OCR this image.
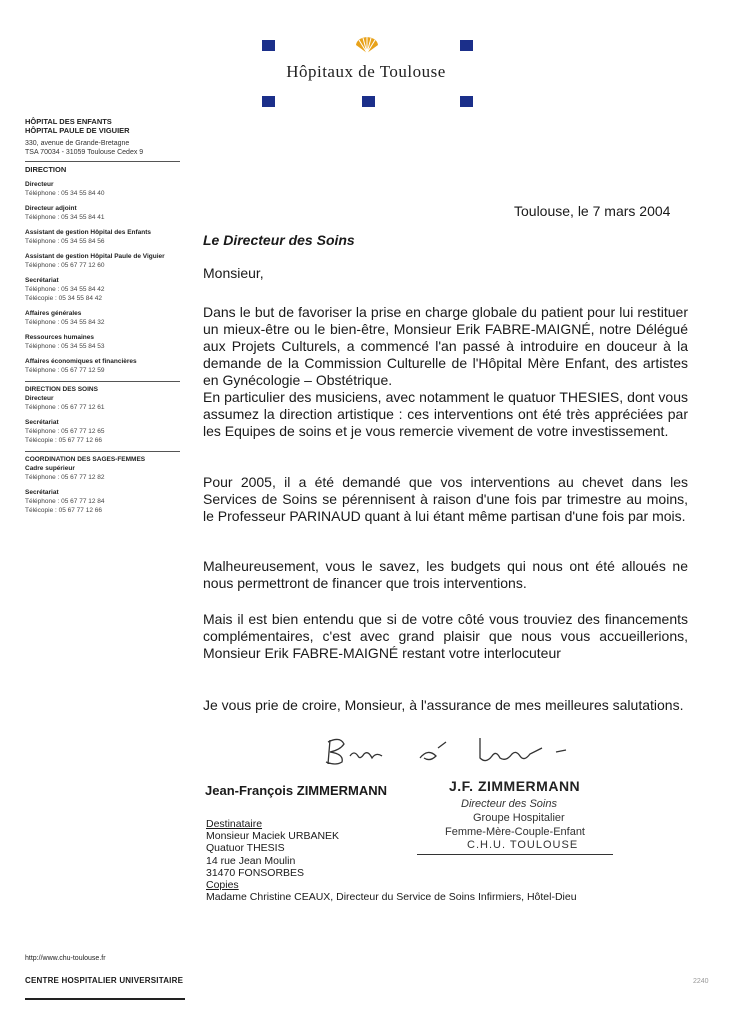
Hôpitaux de Toulouse
HÔPITAL DES ENFANTS
HÔPITAL PAULE DE VIGUIER
330, avenue de Grande-Bretagne
TSA 70034 - 31059 Toulouse Cedex 9
DIRECTION
Directeur
Téléphone : 05 34 55 84 40
Directeur adjoint
Téléphone : 05 34 55 84 41
Assistant de gestion Hôpital des Enfants
Téléphone : 05 34 55 84 56
Assistant de gestion Hôpital Paule de Viguier
Téléphone : 05 67 77 12 60
Secrétariat
Téléphone : 05 34 55 84 42
Télécopie : 05 34 55 84 42
Affaires générales
Téléphone : 05 34 55 84 32
Ressources humaines
Téléphone : 05 34 55 84 53
Affaires économiques et financières
Téléphone : 05 67 77 12 59
DIRECTION DES SOINS
Directeur
Téléphone : 05 67 77 12 61
Secrétariat
Téléphone : 05 67 77 12 65
Télécopie : 05 67 77 12 66
COORDINATION DES SAGES-FEMMES
Cadre supérieur
Téléphone : 05 67 77 12 82
Secrétariat
Téléphone : 05 67 77 12 84
Télécopie : 05 67 77 12 66
http://www.chu-toulouse.fr
CENTRE HOSPITALIER UNIVERSITAIRE	2240
Toulouse, le 7 mars 2004
Le Directeur des Soins
Monsieur,
Dans le but de favoriser la prise en charge globale du patient pour lui restituer un mieux-être ou le bien-être, Monsieur Erik FABRE-MAIGNÉ, notre Délégué aux Projets Culturels, a commencé l'an passé à introduire en douceur à la demande de la Commission Culturelle de l'Hôpital Mère Enfant, des artistes en Gynécologie – Obstétrique.
En particulier des musiciens, avec notamment le quatuor THESIES, dont vous assumez la direction artistique : ces interventions ont été très appréciées par les Equipes de soins et je vous remercie vivement de votre investissement.
Pour 2005, il a été demandé que vos interventions au chevet dans les Services de Soins se pérennisent à raison d'une fois par trimestre au moins, le Professeur PARINAUD quant à lui étant même partisan d'une fois par mois.
Malheureusement, vous le savez, les budgets qui nous ont été alloués ne nous permettront de financer que trois interventions.
Mais il est bien entendu que si de votre côté vous trouviez des financements complémentaires, c'est avec grand plaisir que nous vous accueillerions, Monsieur Erik FABRE-MAIGNÉ restant votre interlocuteur
Je vous prie de croire, Monsieur, à l'assurance de mes meilleures salutations.
Jean-François ZIMMERMANN	J.F. ZIMMERMANN
Directeur des Soins
Groupe Hospitalier
Femme-Mère-Couple-Enfant
C.H.U. TOULOUSE
Destinataire
Monsieur Maciek URBANEK
Quatuor THESIS
14 rue Jean Moulin
31470 FONSORBES
Copies
Madame Christine CEAUX, Directeur du Service de Soins Infirmiers, Hôtel-Dieu
